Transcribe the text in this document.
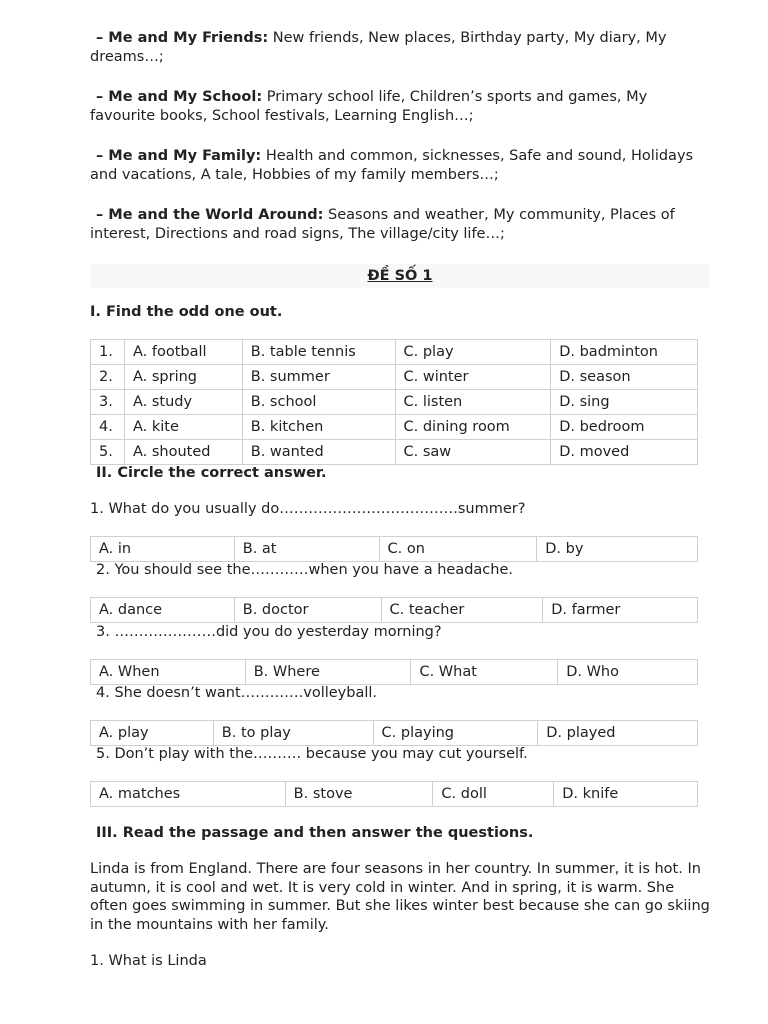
– Me and My Friends: New friends, New places, Birthday party, My diary, My dreams…;

– Me and My School: Primary school life, Children’s sports and games, My favourite books, School festivals, Learning English…;

– Me and My Family: Health and common, sicknesses, Safe and sound, Holidays and vacations, A tale, Hobbies of my family members…;

– Me and the World Around: Seasons and weather, My community, Places of interest, Directions and road signs, The village/city life…;

ĐỀ SỐ 1

I. Find the odd one out.

1.	A. football	B. table tennis	C. play	D. badminton
2.	A. spring	B. summer	C. winter	D. season
3.	A. study	B. school	C. listen	D. sing
4.	A. kite	B. kitchen	C. dining room	D. bedroom
5.	A. shouted	B. wanted	C. saw	D. moved

II. Circle the correct answer.

1. What do you usually do……………………………….summer?

A. in	B. at	C. on	D. by

2. You should see the…………when you have a headache.

A. dance	B. doctor	C. teacher	D. farmer

3. …………………did you do yesterday morning?

A. When	B. Where	C. What	D. Who

4. She doesn’t want………….volleyball.

A. play	B. to play	C. playing	D. played

5. Don’t play with the………. because you may cut yourself.

A. matches	B. stove	C. doll	D. knife

III. Read the passage and then answer the questions.

Linda is from England. There are four seasons in her country. In summer, it is hot. In autumn, it is cool and wet. It is very cold in winter. And in spring, it is warm. She often goes swimming in summer. But she likes winter best because she can go skiing in the mountains with her family.

1. What is Linda
